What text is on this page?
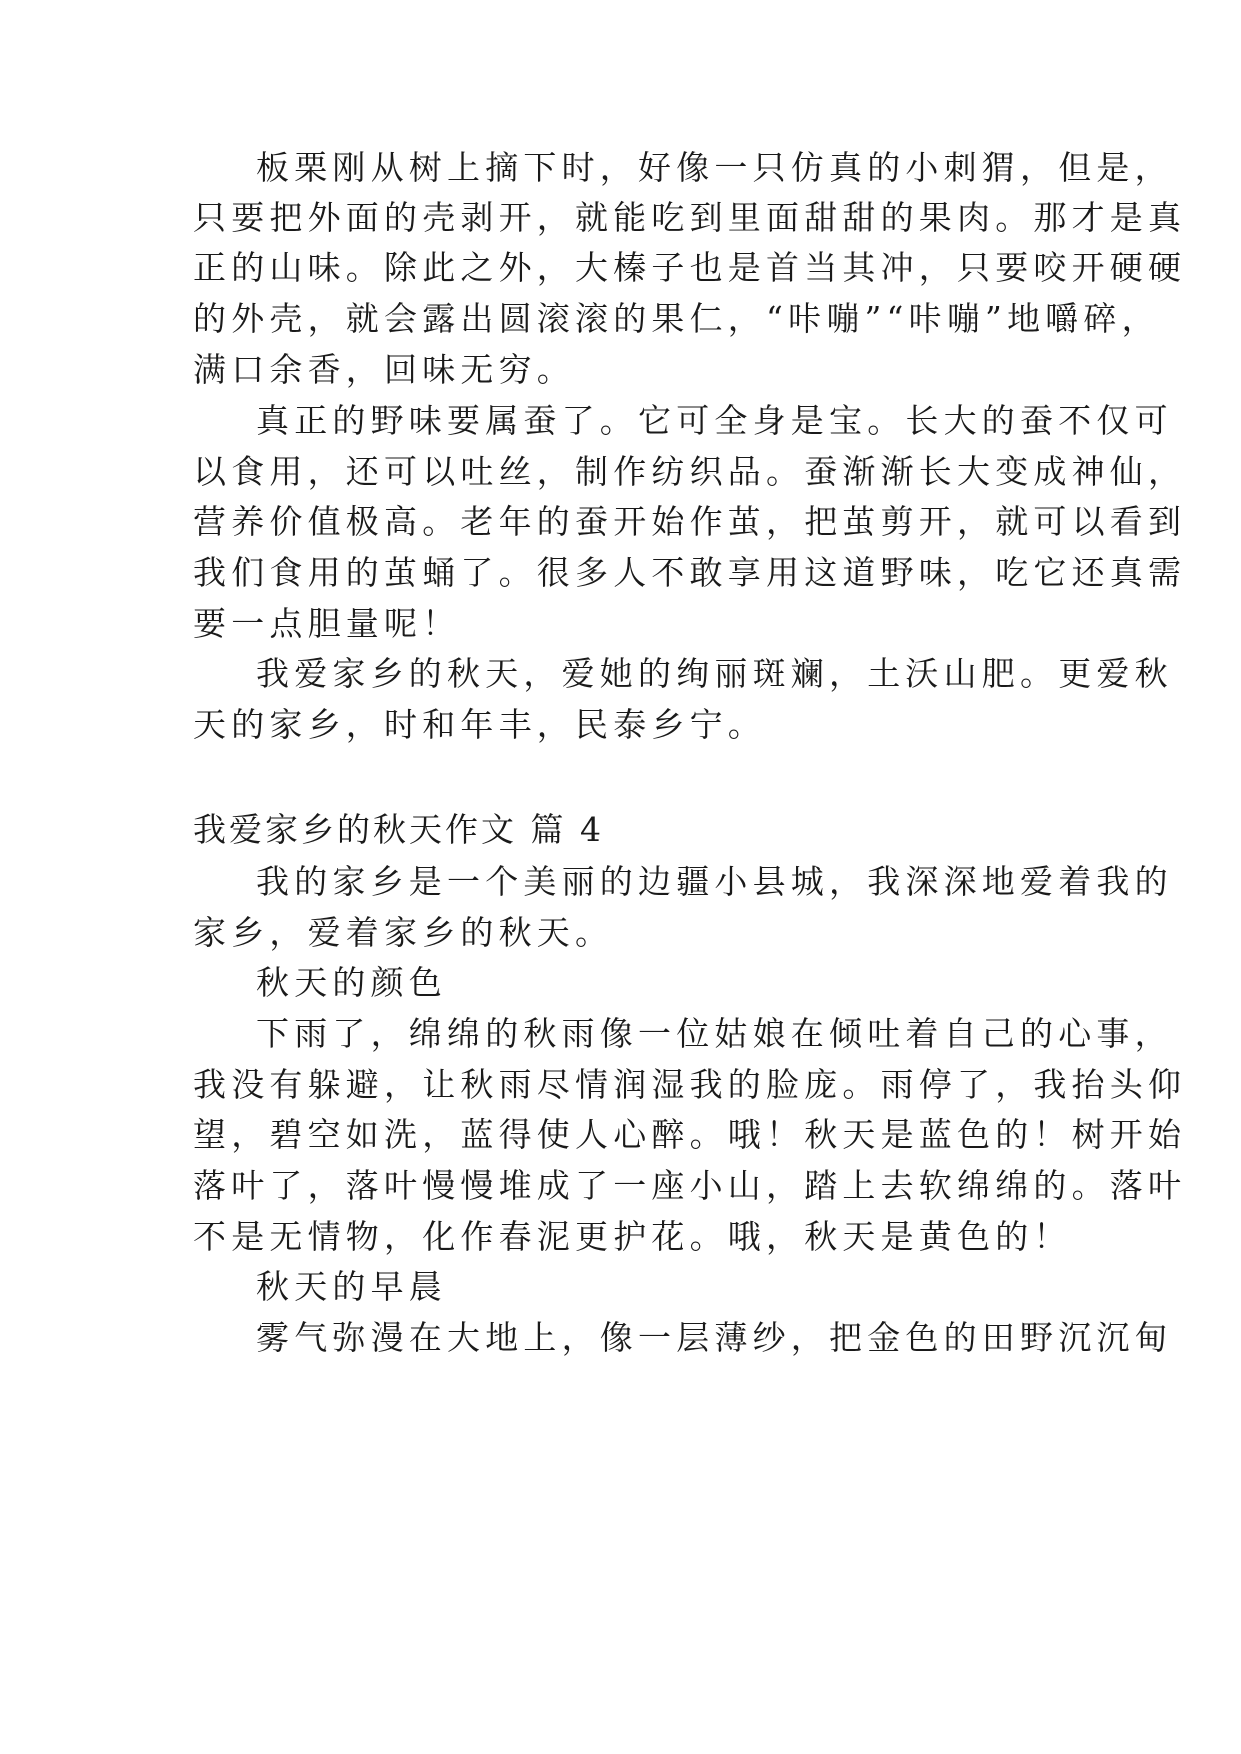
板栗刚从树上摘下时，好像一只仿真的小刺猬，但是，
只要把外面的壳剥开，就能吃到里面甜甜的果肉。那才是真
正的山味。除此之外，大榛子也是首当其冲，只要咬开硬硬
的外壳，就会露出圆滚滚的果仁，“咔嘣”“咔嘣”地嚼碎，
满口余香，回味无穷。
真正的野味要属蚕了。它可全身是宝。长大的蚕不仅可
以食用，还可以吐丝，制作纺织品。蚕渐渐长大变成神仙，
营养价值极高。老年的蚕开始作茧，把茧剪开，就可以看到
我们食用的茧蛹了。很多人不敢享用这道野味，吃它还真需
要一点胆量呢！
我爱家乡的秋天，爱她的绚丽斑斓，土沃山肥。更爱秋
天的家乡，时和年丰，民泰乡宁。
我爱家乡的秋天作文 篇 4
我的家乡是一个美丽的边疆小县城，我深深地爱着我的
家乡，爱着家乡的秋天。
秋天的颜色
下雨了，绵绵的秋雨像一位姑娘在倾吐着自己的心事，
我没有躲避，让秋雨尽情润湿我的脸庞。雨停了，我抬头仰
望，碧空如洗，蓝得使人心醉。哦！秋天是蓝色的！树开始
落叶了，落叶慢慢堆成了一座小山，踏上去软绵绵的。落叶
不是无情物，化作春泥更护花。哦，秋天是黄色的！
秋天的早晨
雾气弥漫在大地上，像一层薄纱，把金色的田野沉沉甸
